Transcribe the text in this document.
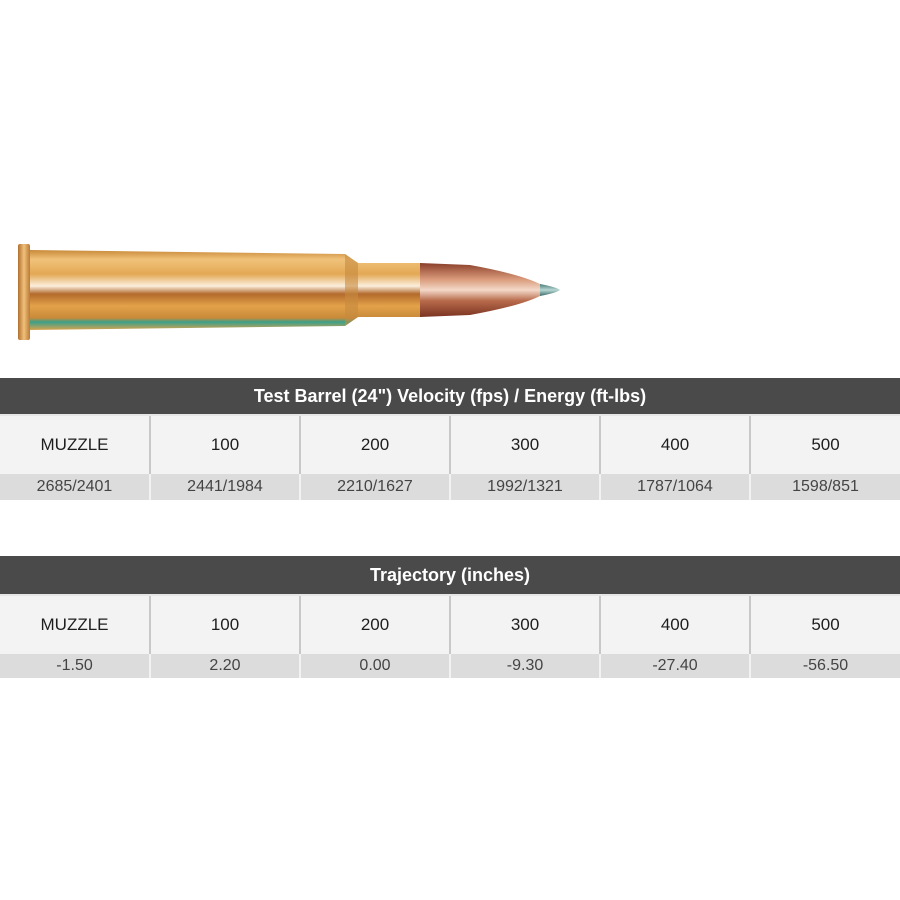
Test Barrel (24") Velocity (fps) / Energy (ft-lbs)					
MUZZLE	100	200	300	400	500
2685/2401	2441/1984	2210/1627	1992/1321	1787/1064	1598/851
Trajectory (inches)					
MUZZLE	100	200	300	400	500
-1.50	2.20	0.00	-9.30	-27.40	-56.50
